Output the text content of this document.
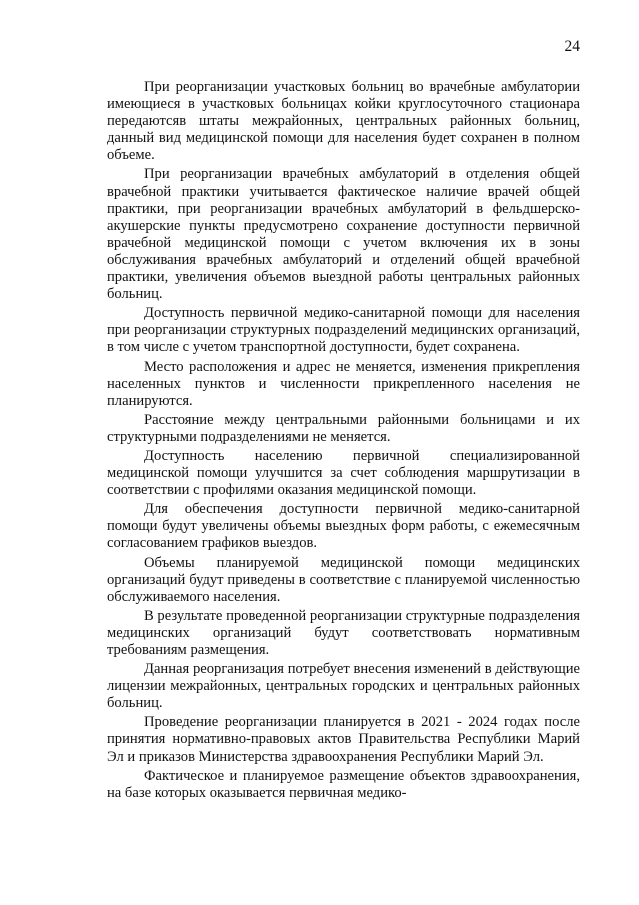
24

При реорганизации участковых больниц во врачебные амбулатории имеющиеся в участковых больницах койки круглосуточного стационара передаютсяв штаты межрайонных, центральных районных больниц, данный вид медицинской помощи для населения будет сохранен в полном объеме.

При реорганизации врачебных амбулаторий в отделения общей врачебной практики учитывается фактическое наличие врачей общей практики, при реорганизации врачебных амбулаторий в фельдшерско-акушерские пункты предусмотрено сохранение доступности первичной врачебной медицинской помощи с учетом включения их в зоны обслуживания врачебных амбулаторий и отделений общей врачебной практики, увеличения объемов выездной работы центральных районных больниц.

Доступность первичной медико-санитарной помощи для населения при реорганизации структурных подразделений медицинских организаций, в том числе с учетом транспортной доступности, будет сохранена.

Место расположения и адрес не меняется, изменения прикрепления населенных пунктов и численности прикрепленного населения не планируются.

Расстояние между центральными районными больницами и их структурными подразделениями не меняется.

Доступность населению первичной специализированной медицинской помощи улучшится за счет соблюдения маршрутизации в соответствии с профилями оказания медицинской помощи.

Для обеспечения доступности первичной медико-санитарной помощи будут увеличены объемы выездных форм работы, с ежемесячным согласованием графиков выездов.

Объемы планируемой медицинской помощи медицинских организаций будут приведены в соответствие с планируемой численностью обслуживаемого населения.

В результате проведенной реорганизации структурные подразделения медицинских организаций будут соответствовать нормативным требованиям размещения.

Данная реорганизация потребует внесения изменений в действующие лицензии межрайонных, центральных городских и центральных районных больниц.

Проведение реорганизации планируется в 2021 - 2024 годах после принятия нормативно-правовых актов Правительства Республики Марий Эл и приказов Министерства здравоохранения Республики Марий Эл.

Фактическое и планируемое размещение объектов здравоохранения, на базе которых оказывается первичная медико-
